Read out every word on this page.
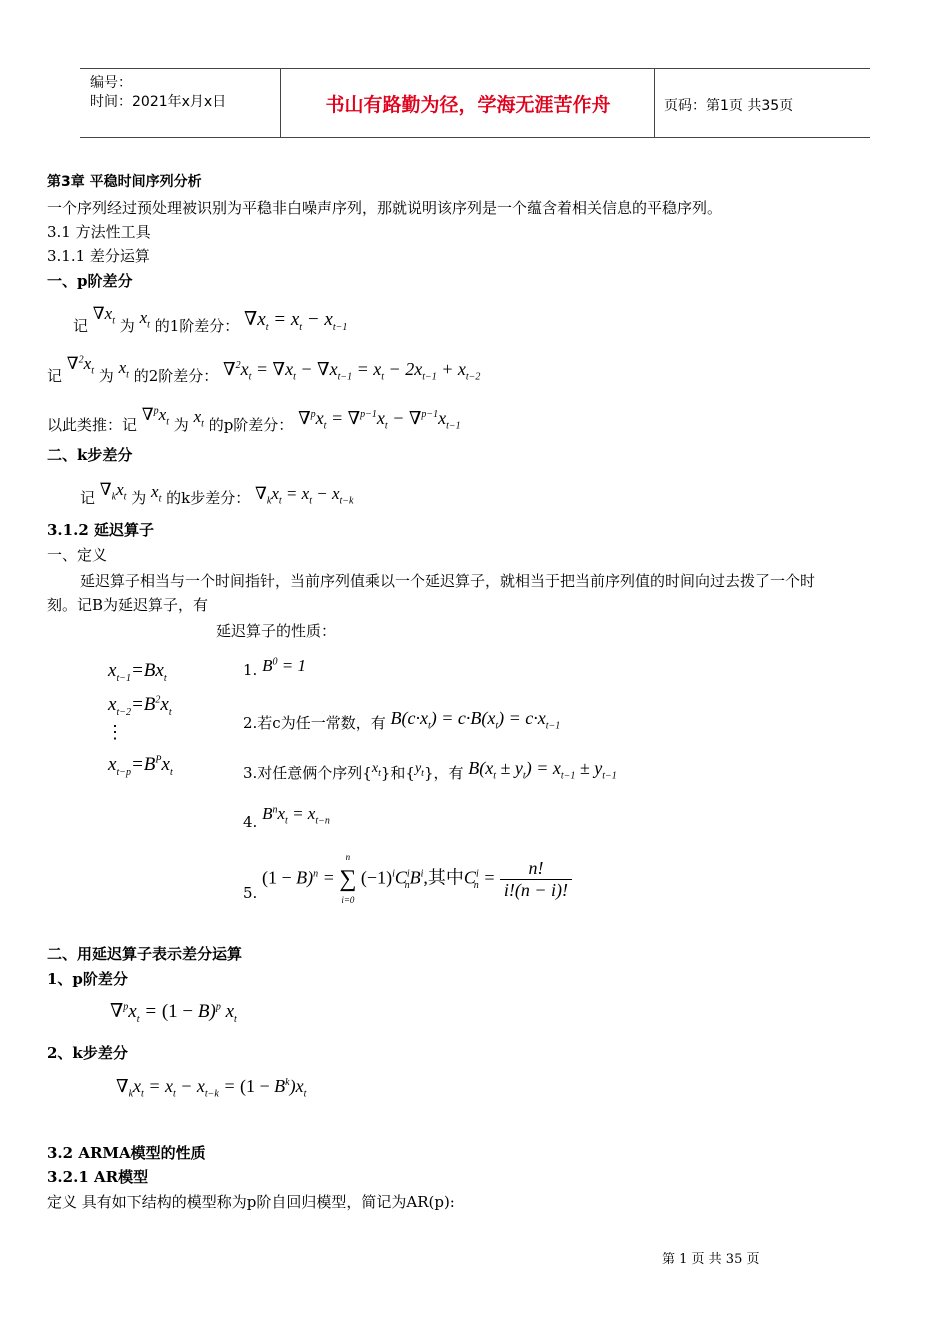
编号：
时间：2021年x月x日	书山有路勤为径，学海无涯苦作舟	页码：第1页 共35页
第3章 平稳时间序列分析
一个序列经过预处理被识别为平稳非白噪声序列，那就说明该序列是一个蕴含着相关信息的平稳序列。
3.1 方法性工具
3.1.1 差分运算
一、p阶差分
记 $\nabla x_t$ 为 $x_t$ 的1阶差分： $\nabla x_t = x_t - x_{t-1}$
记 $\nabla^2x_t$ 为 $x_t$ 的2阶差分： $\nabla^2x_t = \nabla x_t - \nabla x_{t-1} = x_t - 2x_{t-1} + x_{t-2}$
以此类推：记 $\nabla^px_t$ 为 $x_t$ 的p阶差分： $\nabla^px_t = \nabla^{p-1}x_t - \nabla^{p-1}x_{t-1}$
二、k步差分
记 $\nabla_kx_t$ 为 $x_t$ 的k步差分： $\nabla_kx_t = x_t - x_{t-k}$
3.1.2 延迟算子
一、定义
延迟算子相当与一个时间指针，当前序列值乘以一个延迟算子，就相当于把当前序列值的时间向过去拨了一个时
刻。记B为延迟算子，有
延迟算子的性质：
$x_{t-1}=Bx_t$
$x_{t-2}=B^2x_t$
⋮
$x_{t-p}=B^Px_t$
1. $B^0 = 1$
2.若c为任一常数，有 $B(c\cdot x_t) = c\cdot B(x_t) = c\cdot x_{t-1}$
3.对任意俩个序列$\{x_t\}$和$\{y_t\}$，有 $B(x_t \pm y_t) = x_{t-1} \pm y_{t-1}$
4. $B^nx_t = x_{t-n}$
5.
$(1 - B)^n$ =
n
∑
i=0
$(-1)^iC^i_nB^i$,其中$C^i_n = \frac{n!}{i!(n - i)!}$
二、用延迟算子表示差分运算
1、p阶差分
$\nabla^px_t = (1 - B)^p$ $x_t$
2、k步差分
$\nabla_kx_t = x_t - x_{t-k} = (1 - B^k)x_t$
3.2 ARMA模型的性质
3.2.1 AR模型
定义 具有如下结构的模型称为p阶自回归模型，简记为AR(p):
第 1 页 共 35 页
